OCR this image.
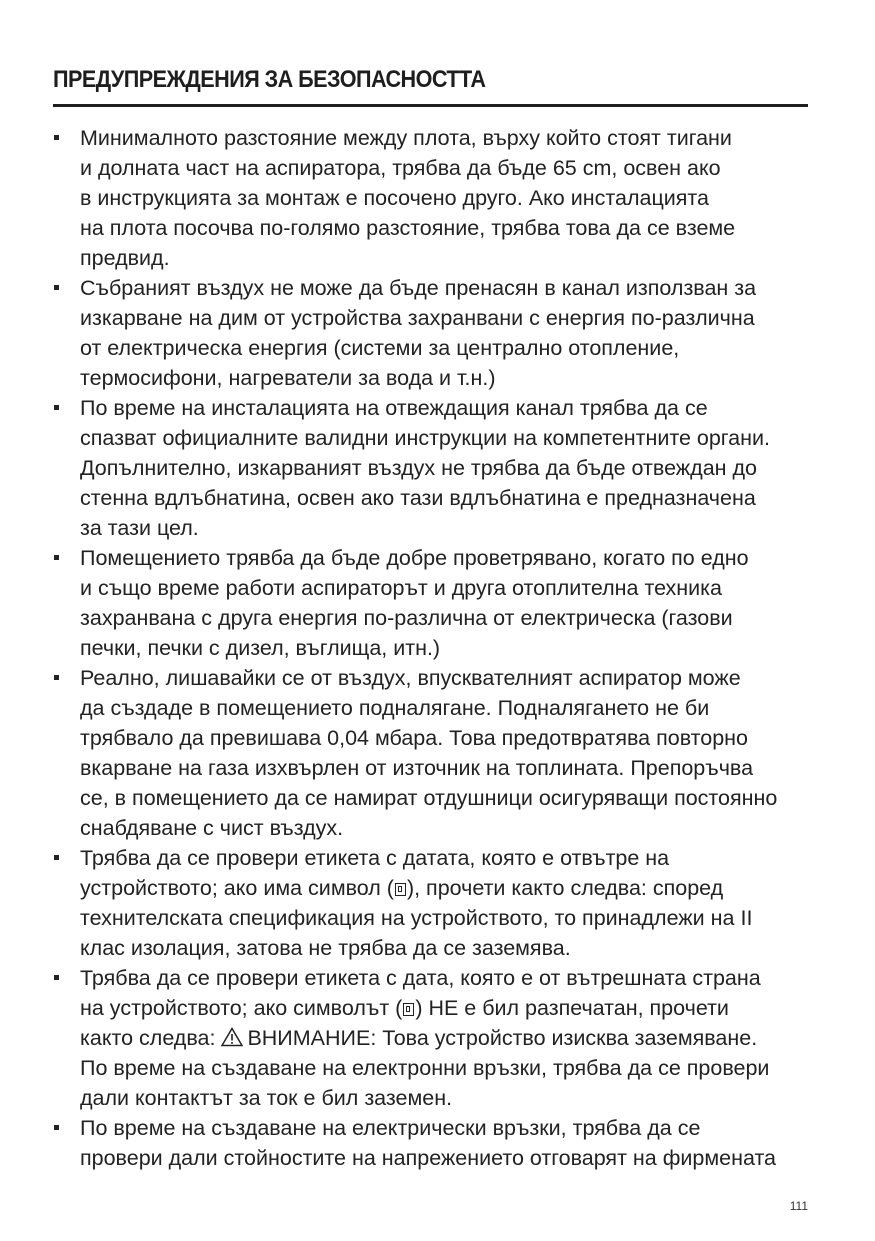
ПРЕДУПРЕЖДЕНИЯ ЗА БЕЗОПАСНОСТТА
Минималното разстояние между плота, върху който стоят тигани
и долната част на аспиратора, трябва да бъде 65 cm, освен ако
в инструкцията за монтаж е посочено друго. Ако инсталацията
на плота посочва по-голямо разстояние, трябва това да се вземе
предвид.
Събраният въздух не може да бъде пренасян в канал използван за
изкарване на дим от устройства захранвани с енергия по-различна
от електрическа енергия (системи за централно отопление,
термосифони, нагреватели за вода и т.н.)
По време на инсталацията на отвеждащия канал трябва да се
спазват официалните валидни инструкции на компетентните органи.
Допълнително, изкарваният въздух не трябва да бъде отвеждан до
стенна вдлъбнатина, освен ако тази вдлъбнатина е предназначена
за тази цел.
Помещението трявба да бъде добре проветрявано, когато по едно
и също време работи аспираторът и друга отоплителна техника
захранвана с друга енергия по-различна от електрическа (газови
печки, печки с дизел, въглища, итн.)
Реално, лишавайки се от въздух, впусквателният аспиратор може
да създаде в помещението подналягане. Подналягането не би
трябвало да превишава 0,04 мбара. Това предотвратява повторно
вкарване на газа изхвърлен от източник на топлината. Препоръчва
се, в помещението да се намират отдушници осигуряващи постоянно
снабдяване с чист въздух.
Трябва да се провери етикета с датата, която е отвътре на
устройството; ако има символ ( ), прочети както следва: според
технителската спецификация на устройството, то принадлежи на II
клас изолация, затова не трябва да се заземява.
Трябва да се провери етикета с дата, която е от вътрешната страна
на устройството; ако символът ( ) НЕ е бил разпечатан, прочети
както следва: ВНИМАНИЕ: Това устройство изисква заземяване.
По време на създаване на електронни връзки, трябва да се провери
дали контактът за ток е бил заземен.
По време на създаване на електрически връзки, трябва да се
провери дали стойностите на напрежението отговарят на фирмената
111
